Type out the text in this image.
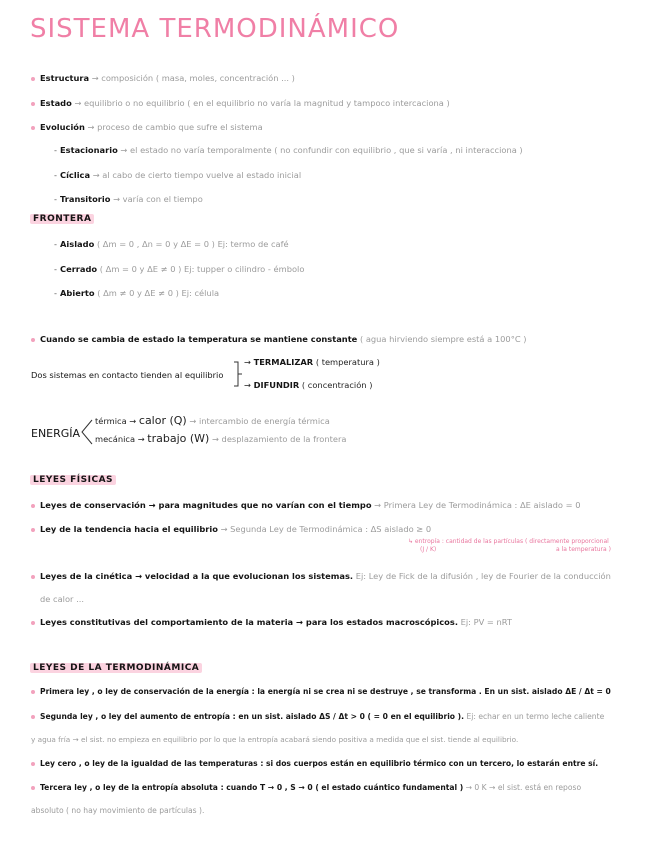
SISTEMA TERMODINÁMICO
Estructura → composición ( masa, moles, concentración ... )
Estado → equilibrio o no equilibrio ( en el equilibrio no varía la magnitud y tampoco intercaciona )
Evolución → proceso de cambio que sufre el sistema
- Estacionario → el estado no varía temporalmente ( no confundir con equilibrio , que si varía , ni interacciona )
- Cíclica → al cabo de cierto tiempo vuelve al estado inicial
- Transitorio → varía con el tiempo
FRONTERA
- Aislado ( Δm = 0 , Δn = 0 y ΔE = 0 ) Ej: termo de café
- Cerrado ( Δm = 0 y ΔE ≠ 0 ) Ej: tupper o cilindro - émbolo
- Abierto ( Δm ≠ 0 y ΔE ≠ 0 ) Ej: célula
Cuando se cambia de estado la temperatura se mantiene constante ( agua hirviendo siempre está a 100°C )
Dos sistemas en contacto tienden al equilibrio
→ TERMALIZAR ( temperatura )
→ DIFUNDIR ( concentración )
ENERGÍA
térmica → calor (Q) → intercambio de energía térmica
mecánica → trabajo (W) → desplazamiento de la frontera
LEYES FÍSICAS
Leyes de conservación → para magnitudes que no varían con el tiempo → Primera Ley de Termodinámica : ΔE aislado = 0
Ley de la tendencia hacia el equilibrio → Segunda Ley de Termodinámica : ΔS aislado ≥ 0
↳ entropía : cantidad de las partículas ( directamente proporcional
(J / K)	a la temperatura )
Leyes de la cinética → velocidad a la que evolucionan los sistemas. Ej: Ley de Fick de la difusión , ley de Fourier de la conducción
de calor ...
Leyes constitutivas del comportamiento de la materia → para los estados macroscópicos. Ej: PV = nRT
LEYES DE LA TERMODINÁMICA
Primera ley , o ley de conservación de la energía : la energía ni se crea ni se destruye , se transforma . En un sist. aislado ΔE / Δt = 0
Segunda ley , o ley del aumento de entropía : en un sist. aislado ΔS / Δt > 0 ( = 0 en el equilibrio ). Ej: echar en un termo leche caliente
y agua fría → el sist. no empieza en equilibrio por lo que la entropía acabará siendo positiva a medida que el sist. tiende al equilibrio.
Ley cero , o ley de la igualdad de las temperaturas : si dos cuerpos están en equilibrio térmico con un tercero, lo estarán entre sí.
Tercera ley , o ley de la entropía absoluta : cuando T → 0 , S → 0 ( el estado cuántico fundamental ) → 0 K → el sist. está en reposo
absoluto ( no hay movimiento de partículas ).
